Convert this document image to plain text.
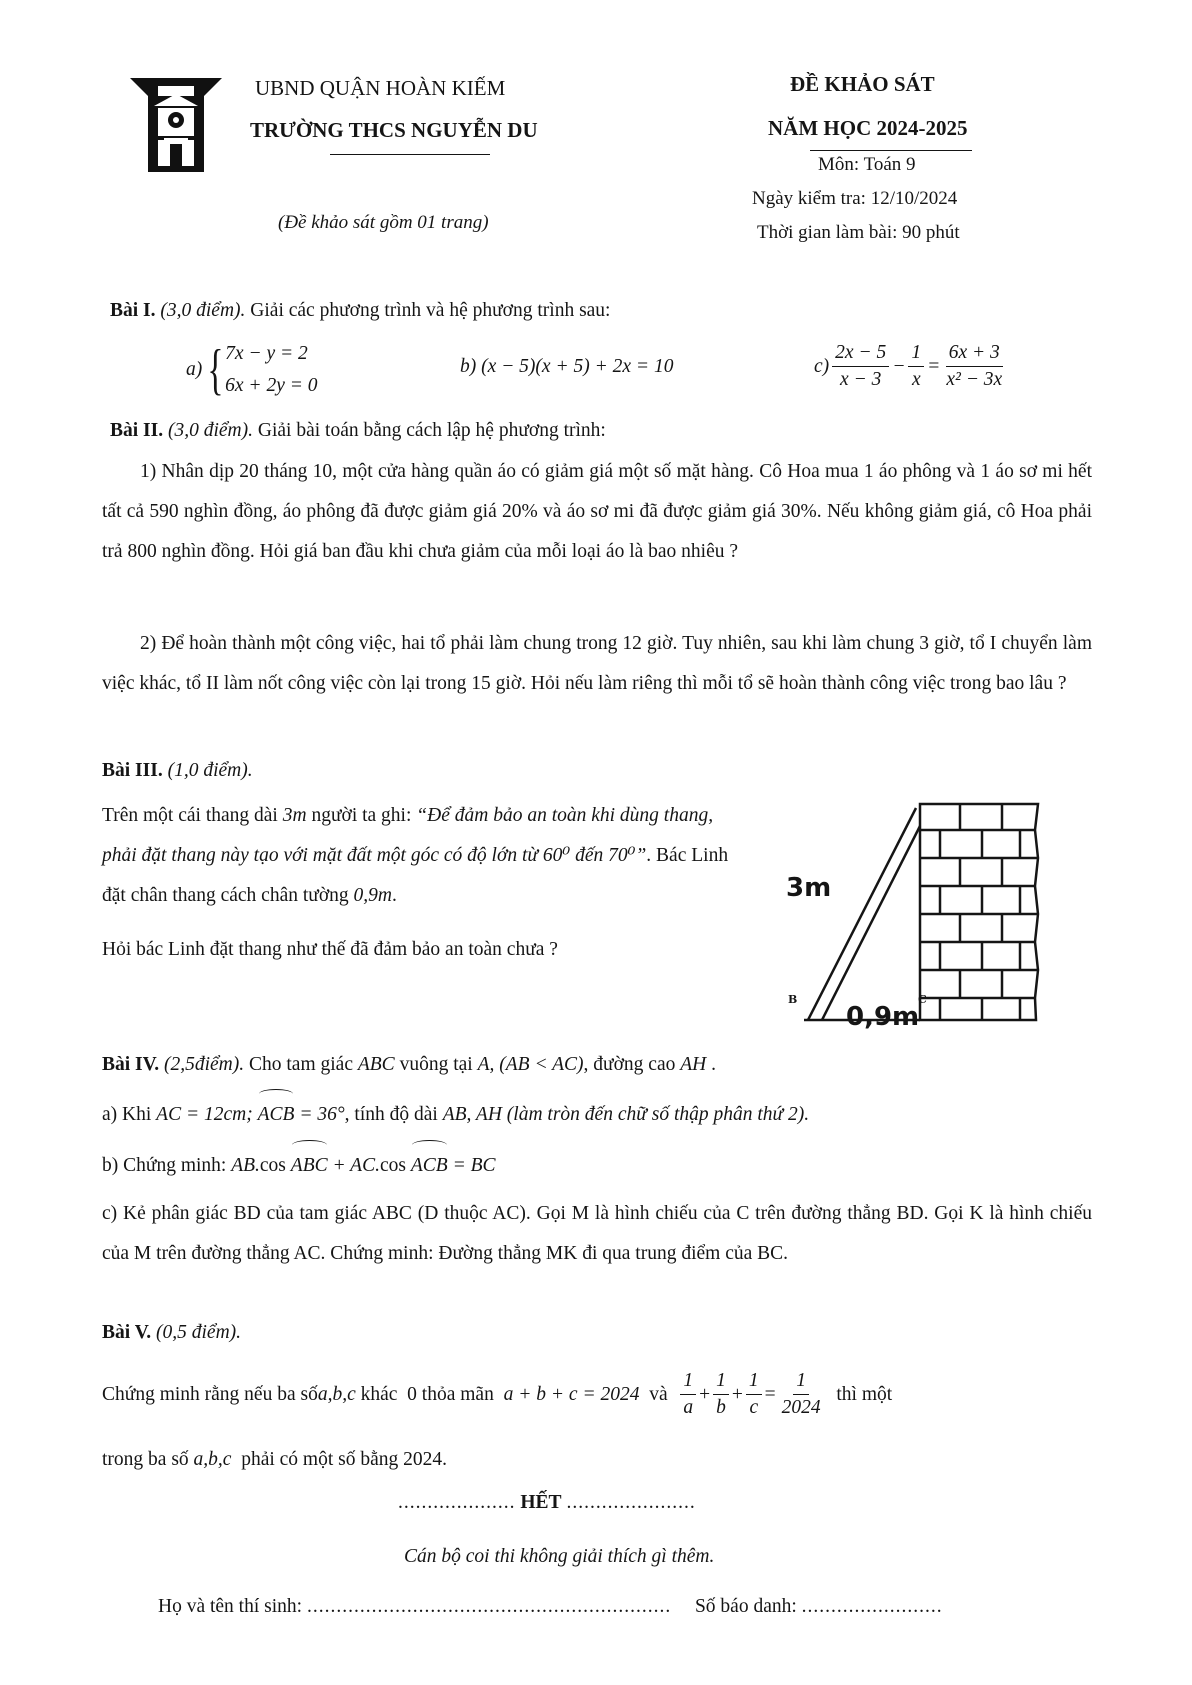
UBND QUẬN HOÀN KIẾM
TRƯỜNG THCS NGUYỄN DU
ĐỀ KHẢO SÁT
NĂM HỌC 2024-2025
Môn: Toán 9
Ngày kiểm tra: 12/10/2024
Thời gian làm bài: 90 phút
(Đề khảo sát gồm 01 trang)
Bài I. (3,0 điểm). Giải các phương trình và hệ phương trình sau:
a) { 7x − y = 2
6x + 2y = 0
b) (x − 5)(x + 5) + 2x = 10	$c) \frac{2x - 5}{x - 3} - \frac{1}{x} = \frac{6x + 3}{\text{x² − 3x}}$
Bài II. (3,0 điểm). Giải bài toán bằng cách lập hệ phương trình:
1) Nhân dịp 20 tháng 10, một cửa hàng quần áo có giảm giá một số mặt hàng. Cô Hoa mua 1 áo phông và 1 áo sơ mi hết tất cả 590 nghìn đồng, áo phông đã được giảm giá 20% và áo sơ mi đã được giảm giá 30%. Nếu không giảm giá, cô Hoa phải trả 800 nghìn đồng. Hỏi giá ban đầu khi chưa giảm của mỗi loại áo là bao nhiêu ?
2) Để hoàn thành một công việc, hai tổ phải làm chung trong 12 giờ. Tuy nhiên, sau khi làm chung 3 giờ, tổ I chuyển làm việc khác, tổ II làm nốt công việc còn lại trong 15 giờ. Hỏi nếu làm riêng thì mỗi tổ sẽ hoàn thành công việc trong bao lâu ?
Bài III. (1,0 điểm).
Trên một cái thang dài 3m người ta ghi: “Để đảm bảo an toàn khi dùng thang, phải đặt thang này tạo với mặt đất một góc có độ lớn từ 60⁰ đến 70⁰”. Bác Linh đặt chân thang cách chân tường 0,9m.
Hỏi bác Linh đặt thang như thế đã đảm bảo an toàn chưa ?
3m
B	C
0,9m
Bài IV. (2,5điểm). Cho tam giác ABC vuông tại A, (AB < AC), đường cao AH .
a) Khi AC = 12cm; ACB = 36°, tính độ dài AB, AH (làm tròn đến chữ số thập phân thứ 2).
b) Chứng minh: AB.cos ABC + AC.cos ACB = BC
c) Kẻ phân giác BD của tam giác ABC (D thuộc AC). Gọi M là hình chiếu của C trên đường thẳng BD. Gọi K là hình chiếu của M trên đường thẳng AC. Chứng minh: Đường thẳng MK đi qua trung điểm của BC.
Bài V. (0,5 điểm).
Chứng minh rằng nếu ba số a,b,c khác  0 thỏa mãn a + b + c = 2024 và $\frac{1}{a} + \frac{1}{b} + \frac{1}{c} = \frac{1}{2024}$ thì một
trong ba số a,b,c  phải có một số bằng 2024.
.................... HẾT ......................
Cán bộ coi thi không giải thích gì thêm.
Họ và tên thí sinh: .............................................................. Số báo danh: ........................
